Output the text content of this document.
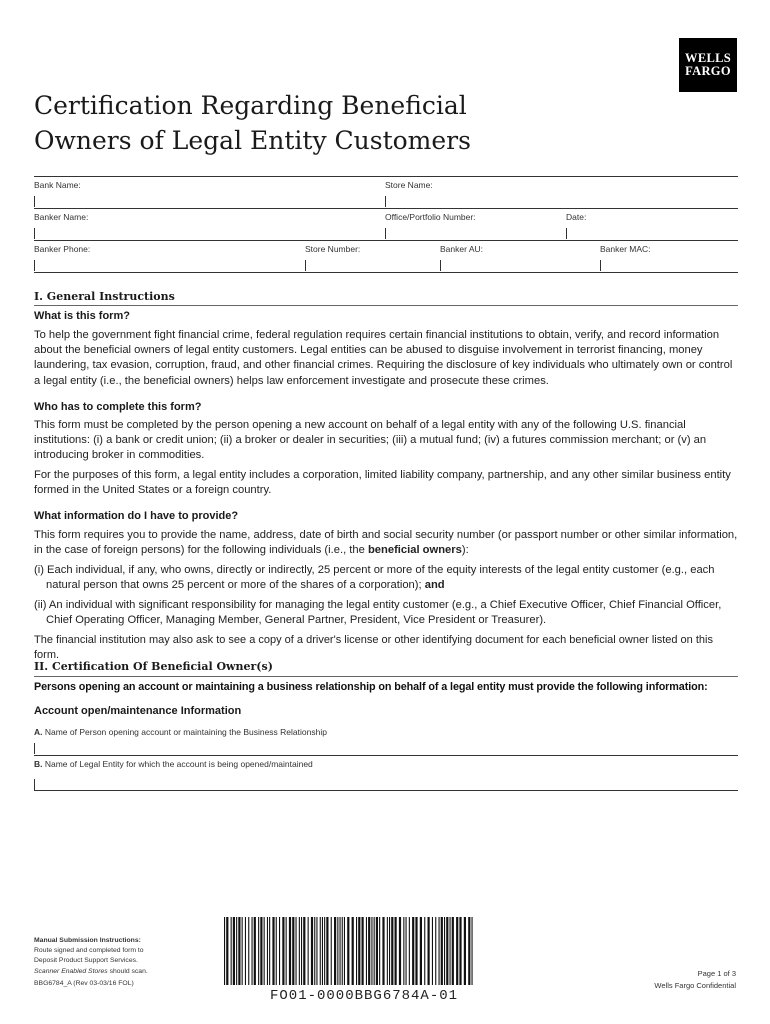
WELLS
FARGO
Certification Regarding Beneficial
Owners of Legal Entity Customers
Bank Name:	Store Name:
Banker Name:	Office/Portfolio Number:	Date:
Banker Phone:	Store Number:	Banker AU:	Banker MAC:
I. General Instructions
What is this form?
To help the government fight financial crime, federal regulation requires certain financial institutions to obtain, verify, and record information about the beneficial owners of legal entity customers. Legal entities can be abused to disguise involvement in terrorist financing, money laundering, tax evasion, corruption, fraud, and other financial crimes. Requiring the disclosure of key individuals who ultimately own or control a legal entity (i.e., the beneficial owners) helps law enforcement investigate and prosecute these crimes.
Who has to complete this form?
This form must be completed by the person opening a new account on behalf of a legal entity with any of the following U.S. financial institutions: (i) a bank or credit union; (ii) a broker or dealer in securities; (iii) a mutual fund; (iv) a futures commission merchant; or (v) an introducing broker in commodities.
For the purposes of this form, a legal entity includes a corporation, limited liability company, partnership, and any other similar business entity formed in the United States or a foreign country.
What information do I have to provide?
This form requires you to provide the name, address, date of birth and social security number (or passport number or other similar information, in the case of foreign persons) for the following individuals (i.e., the beneficial owners):
(i) Each individual, if any, who owns, directly or indirectly, 25 percent or more of the equity interests of the legal entity customer (e.g., each natural person that owns 25 percent or more of the shares of a corporation); and
(ii) An individual with significant responsibility for managing the legal entity customer (e.g., a Chief Executive Officer, Chief Financial Officer, Chief Operating Officer, Managing Member, General Partner, President, Vice President or Treasurer).
The financial institution may also ask to see a copy of a driver's license or other identifying document for each beneficial owner listed on this form.
II. Certification Of Beneficial Owner(s)
Persons opening an account or maintaining a business relationship on behalf of a legal entity must provide the following information:
Account open/maintenance Information
A. Name of Person opening account or maintaining the Business Relationship
B. Name of Legal Entity for which the account is being opened/maintained
Manual Submission Instructions:
Route signed and completed form to
Deposit Product Support Services.
Scanner Enabled Stores should scan.
BBG6784_A (Rev 03-03/16 FOL)
FO01-0000BBG6784A-01
Page 1 of 3
Wells Fargo Confidential
